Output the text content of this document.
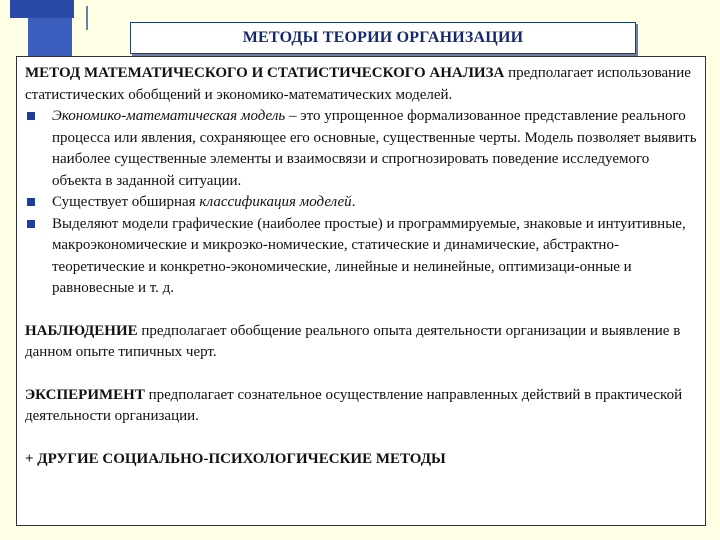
МЕТОДЫ ТЕОРИИ ОРГАНИЗАЦИИ

МЕТОД МАТЕМАТИЧЕСКОГО И СТАТИСТИЧЕСКОГО АНАЛИЗА предполагает использование статистических обобщений и экономико-математических моделей.

Экономико-математическая модель – это упрощенное формализованное представление реального процесса или явления, сохраняющее его основные, существенные черты. Модель позволяет выявить наиболее существенные элементы и взаимосвязи и спрогнозировать поведение исследуемого объекта в заданной ситуации.
Существует обширная классификация моделей.
Выделяют модели графические (наиболее простые) и программируемые, знаковые и интуитивные, макроэкономические и микроэко-номические, статические и динамические, абстрактно-теоретические и конкретно-экономические, линейные и нелинейные, оптимизаци-онные и равновесные и т. д.

НАБЛЮДЕНИЕ предполагает обобщение реального опыта деятельности организации и выявление в данном опыте типичных черт.

ЭКСПЕРИМЕНТ предполагает сознательное осуществление направленных действий в практической деятельности организации.

+ ДРУГИЕ СОЦИАЛЬНО-ПСИХОЛОГИЧЕСКИЕ МЕТОДЫ
